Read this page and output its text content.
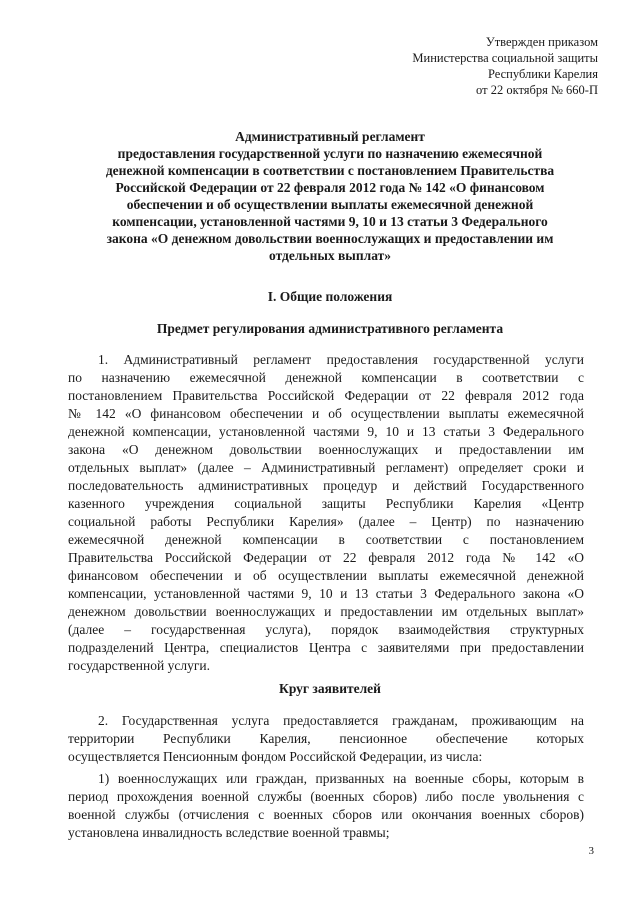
Утвержден приказом
Министерства социальной защиты
Республики Карелия
от 22 октября № 660-П
Административный регламент
предоставления государственной услуги по назначению ежемесячной
денежной компенсации в соответствии с постановлением Правительства
Российской Федерации от 22 февраля 2012 года № 142 «О финансовом
обеспечении и об осуществлении выплаты ежемесячной денежной
компенсации, установленной частями 9, 10 и 13 статьи 3 Федерального
закона «О денежном довольствии военнослужащих и предоставлении им
отдельных выплат»
I. Общие положения
Предмет регулирования административного регламента
1. Административный регламент предоставления государственной услуги
по назначению ежемесячной денежной компенсации в соответствии с
постановлением Правительства Российской Федерации от 22 февраля 2012 года
№ 142 «О финансовом обеспечении и об осуществлении выплаты ежемесячной
денежной компенсации, установленной частями 9, 10 и 13 статьи 3 Федерального
закона «О денежном довольствии военнослужащих и предоставлении им
отдельных выплат» (далее – Административный регламент) определяет сроки и
последовательность административных процедур и действий Государственного
казенного учреждения социальной защиты Республики Карелия «Центр
социальной работы Республики Карелия» (далее – Центр) по назначению
ежемесячной денежной компенсации в соответствии с постановлением
Правительства Российской Федерации от 22 февраля 2012 года № 142 «О
финансовом обеспечении и об осуществлении выплаты ежемесячной денежной
компенсации, установленной частями 9, 10 и 13 статьи 3 Федерального закона «О
денежном довольствии военнослужащих и предоставлении им отдельных выплат»
(далее – государственная услуга), порядок взаимодействия структурных
подразделений Центра, специалистов Центра с заявителями при предоставлении
государственной услуги.
Круг заявителей
2. Государственная услуга предоставляется гражданам, проживающим на
территории Республики Карелия, пенсионное обеспечение которых
осуществляется Пенсионным фондом Российской Федерации, из числа:
1) военнослужащих или граждан, призванных на военные сборы, которым в
период прохождения военной службы (военных сборов) либо после увольнения с
военной службы (отчисления с военных сборов или окончания военных сборов)
установлена инвалидность вследствие военной травмы;
3
